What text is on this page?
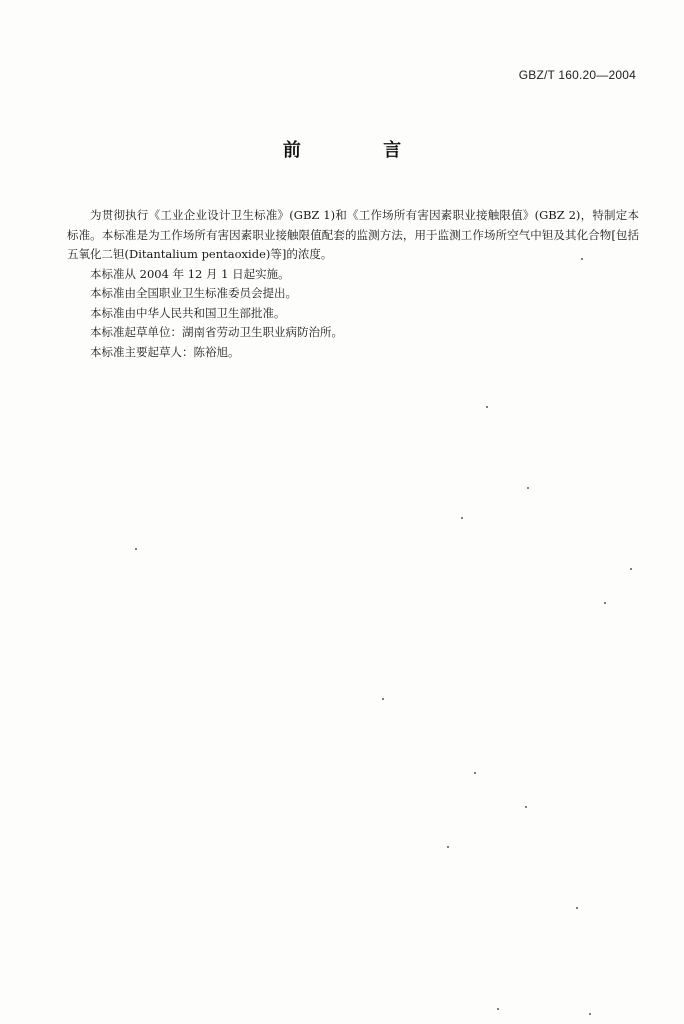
GBZ/T 160.20—2004
前 言

为贯彻执行《工业企业设计卫生标准》(GBZ 1)和《工作场所有害因素职业接触限值》(GBZ 2)，特制定本标准。本标准是为工作场所有害因素职业接触限值配套的监测方法，用于监测工作场所空气中钽及其化合物[包括五氧化二钽(Ditantalium pentaoxide)等]的浓度。

本标准从 2004 年 12 月 1 日起实施。

本标准由全国职业卫生标准委员会提出。

本标准由中华人民共和国卫生部批准。

本标准起草单位：湖南省劳动卫生职业病防治所。

本标准主要起草人：陈裕旭。
